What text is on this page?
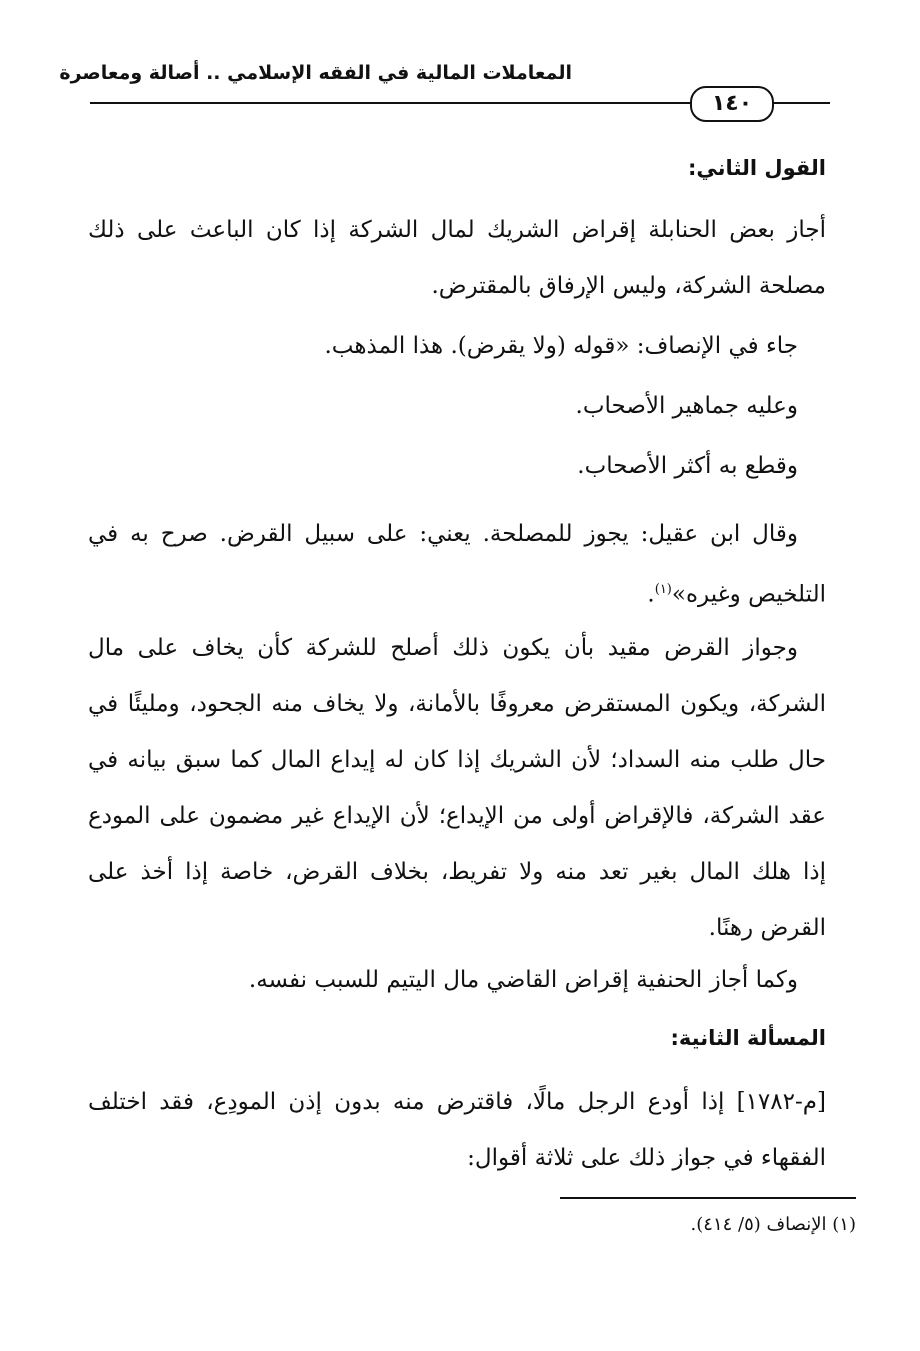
المعاملات المالية في الفقه الإسلامي .. أصالة ومعاصرة
١٤٠
القول الثاني:
أجاز بعض الحنابلة إقراض الشريك لمال الشركة إذا كان الباعث على ذلك مصلحة الشركة، وليس الإرفاق بالمقترض.
جاء في الإنصاف: «قوله (ولا يقرض). هذا المذهب.
وعليه جماهير الأصحاب.
وقطع به أكثر الأصحاب.
وقال ابن عقيل: يجوز للمصلحة. يعني: على سبيل القرض. صرح به في التلخيص وغيره»$^{(١)}$.
وجواز القرض مقيد بأن يكون ذلك أصلح للشركة كأن يخاف على مال الشركة، ويكون المستقرض معروفًا بالأمانة، ولا يخاف منه الجحود، ومليئًا في حال طلب منه السداد؛ لأن الشريك إذا كان له إيداع المال كما سبق بيانه في عقد الشركة، فالإقراض أولى من الإيداع؛ لأن الإيداع غير مضمون على المودع إذا هلك المال بغير تعد منه ولا تفريط، بخلاف القرض، خاصة إذا أخذ على القرض رهنًا.
وكما أجاز الحنفية إقراض القاضي مال اليتيم للسبب نفسه.
المسألة الثانية:
[م-١٧٨٢] إذا أودع الرجل مالًا، فاقترض منه بدون إذن المودِع، فقد اختلف الفقهاء في جواز ذلك على ثلاثة أقوال:
(١) الإنصاف (٥/ ٤١٤).
